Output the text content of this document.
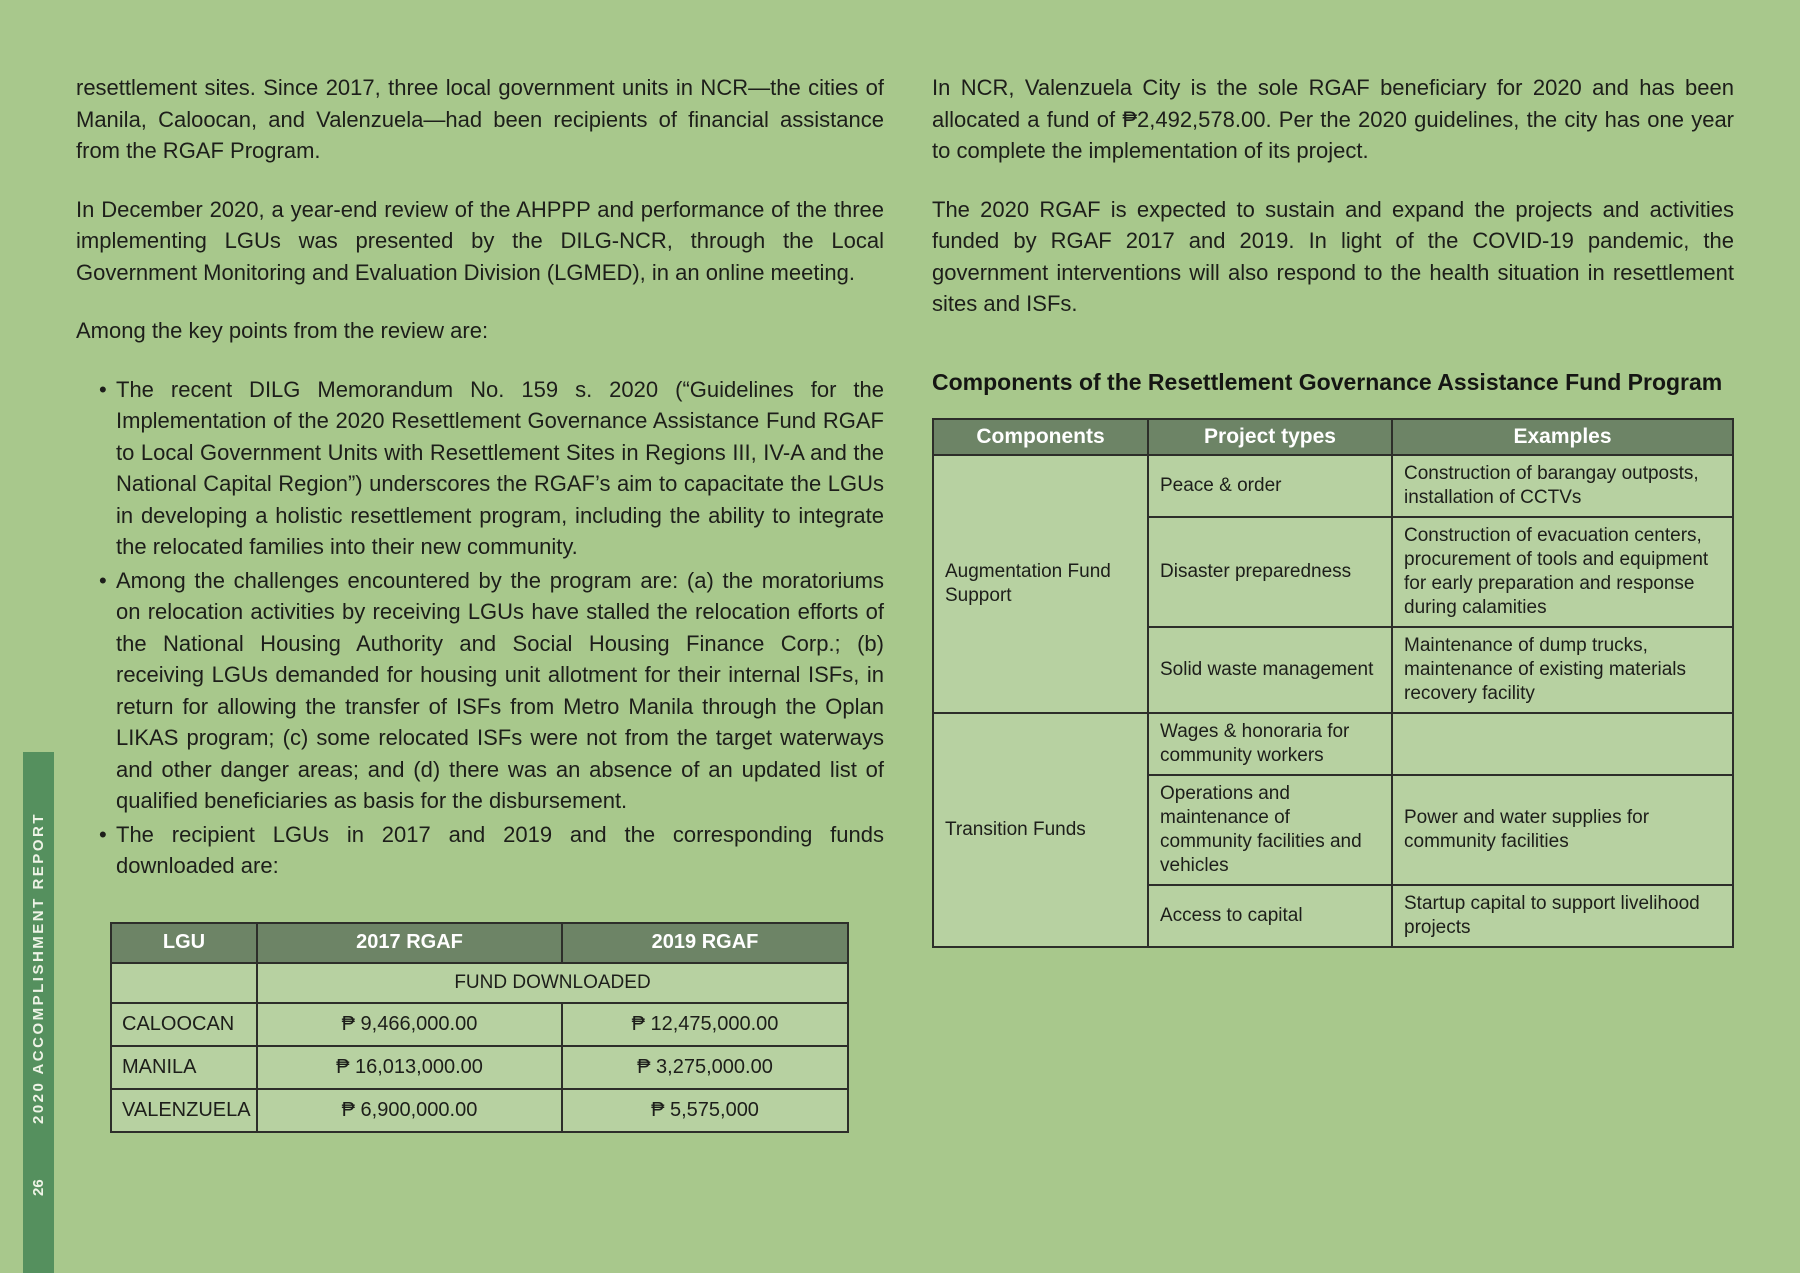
2020 ACCOMPLISHMENT REPORT
26

resettlement sites. Since 2017, three local government units in NCR—the cities of Manila, Caloocan, and Valenzuela—had been recipients of financial assistance from the RGAF Program.

In December 2020, a year-end review of the AHPPP and performance of the three implementing LGUs was presented by the DILG-NCR, through the Local Government Monitoring and Evaluation Division (LGMED), in an online meeting.

Among the key points from the review are:

• The recent DILG Memorandum No. 159 s. 2020 (“Guidelines for the Implementation of the 2020 Resettlement Governance Assistance Fund RGAF to Local Government Units with Resettlement Sites in Regions III, IV-A and the National Capital Region”) underscores the RGAF’s aim to capacitate the LGUs in developing a holistic resettlement program, including the ability to integrate the relocated families into their new community.
• Among the challenges encountered by the program are: (a) the moratoriums on relocation activities by receiving LGUs have stalled the relocation efforts of the National Housing Authority and Social Housing Finance Corp.; (b) receiving LGUs demanded for housing unit allotment for their internal ISFs, in return for allowing the transfer of ISFs from Metro Manila through the Oplan LIKAS program; (c) some relocated ISFs were not from the target waterways and other danger areas; and (d) there was an absence of an updated list of qualified beneficiaries as basis for the disbursement.
• The recipient LGUs in 2017 and 2019 and the corresponding funds downloaded are:
LGU	2017 RGAF	2019 RGAF
	FUND DOWNLOADED	
CALOOCAN	₱ 9,466,000.00	₱ 12,475,000.00
MANILA	₱ 16,013,000.00	₱ 3,275,000.00
VALENZUELA	₱ 6,900,000.00	₱ 5,575,000

In NCR, Valenzuela City is the sole RGAF beneficiary for 2020 and has been allocated a fund of ₱2,492,578.00. Per the 2020 guidelines, the city has one year to complete the implementation of its project.

The 2020 RGAF is expected to sustain and expand the projects and activities funded by RGAF 2017 and 2019. In light of the COVID-19 pandemic, the government interventions will also respond to the health situation in resettlement sites and ISFs.

Components of the Resettlement Governance Assistance Fund Program
Components	Project types	Examples
Augmentation Fund Support	Peace & order	Construction of barangay outposts, installation of CCTVs
	Disaster preparedness	Construction of evacuation centers, procurement of tools and equipment for early preparation and response during calamities
	Solid waste management	Maintenance of dump trucks, maintenance of existing materials recovery facility
Transition Funds	Wages & honoraria for community workers	
	Operations and maintenance of community facilities and vehicles	Power and water supplies for community facilities
	Access to capital	Startup capital to support livelihood projects
